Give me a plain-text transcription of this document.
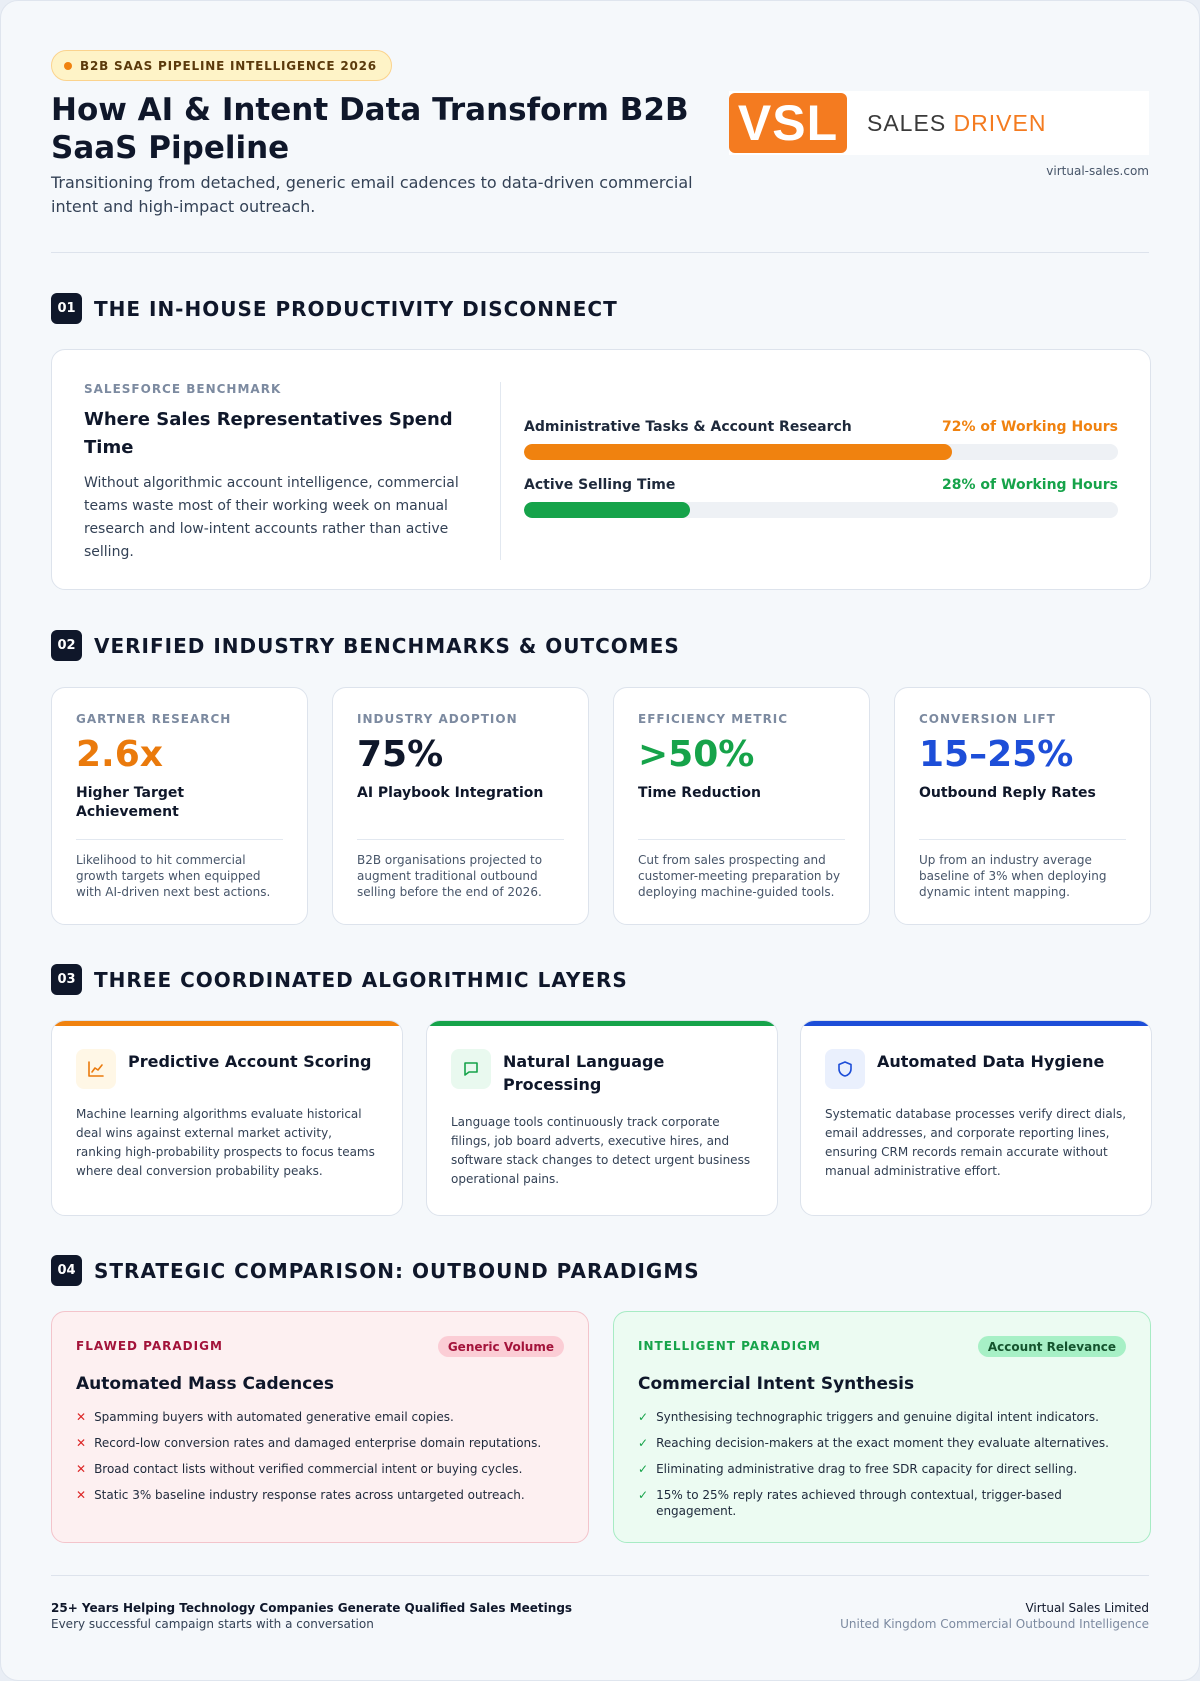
B2B SAAS PIPELINE INTELLIGENCE 2026
How AI & Intent Data Transform B2B SaaS Pipeline
Transitioning from detached, generic email cadences to data-driven commercial intent and high-impact outreach.
VSL	SALES DRIVEN
virtual-sales.com
01 THE IN-HOUSE PRODUCTIVITY DISCONNECT
SALESFORCE BENCHMARK
Where Sales Representatives Spend Time
Without algorithmic account intelligence, commercial teams waste most of their working week on manual research and low-intent accounts rather than active selling.
Administrative Tasks & Account Research	72% of Working Hours
Active Selling Time	28% of Working Hours
02 VERIFIED INDUSTRY BENCHMARKS & OUTCOMES
GARTNER RESEARCH
2.6x
Higher Target Achievement
Likelihood to hit commercial growth targets when equipped with AI-driven next best actions.
INDUSTRY ADOPTION
75%
AI Playbook Integration
B2B organisations projected to augment traditional outbound selling before the end of 2026.
EFFICIENCY METRIC
>50%
Time Reduction
Cut from sales prospecting and customer-meeting preparation by deploying machine-guided tools.
CONVERSION LIFT
15–25%
Outbound Reply Rates
Up from an industry average baseline of 3% when deploying dynamic intent mapping.
03 THREE COORDINATED ALGORITHMIC LAYERS
Predictive Account Scoring
Machine learning algorithms evaluate historical deal wins against external market activity, ranking high-probability prospects to focus teams where deal conversion probability peaks.
Natural Language Processing
Language tools continuously track corporate filings, job board adverts, executive hires, and software stack changes to detect urgent business operational pains.
Automated Data Hygiene
Systematic database processes verify direct dials, email addresses, and corporate reporting lines, ensuring CRM records remain accurate without manual administrative effort.
04 STRATEGIC COMPARISON: OUTBOUND PARADIGMS
FLAWED PARADIGM	Generic Volume
Automated Mass Cadences
✕ Spamming buyers with automated generative email copies.
✕ Record-low conversion rates and damaged enterprise domain reputations.
✕ Broad contact lists without verified commercial intent or buying cycles.
✕ Static 3% baseline industry response rates across untargeted outreach.
INTELLIGENT PARADIGM	Account Relevance
Commercial Intent Synthesis
✓ Synthesising technographic triggers and genuine digital intent indicators.
✓ Reaching decision-makers at the exact moment they evaluate alternatives.
✓ Eliminating administrative drag to free SDR capacity for direct selling.
✓ 15% to 25% reply rates achieved through contextual, trigger-based engagement.
25+ Years Helping Technology Companies Generate Qualified Sales Meetings
Every successful campaign starts with a conversation
Virtual Sales Limited
United Kingdom Commercial Outbound Intelligence
